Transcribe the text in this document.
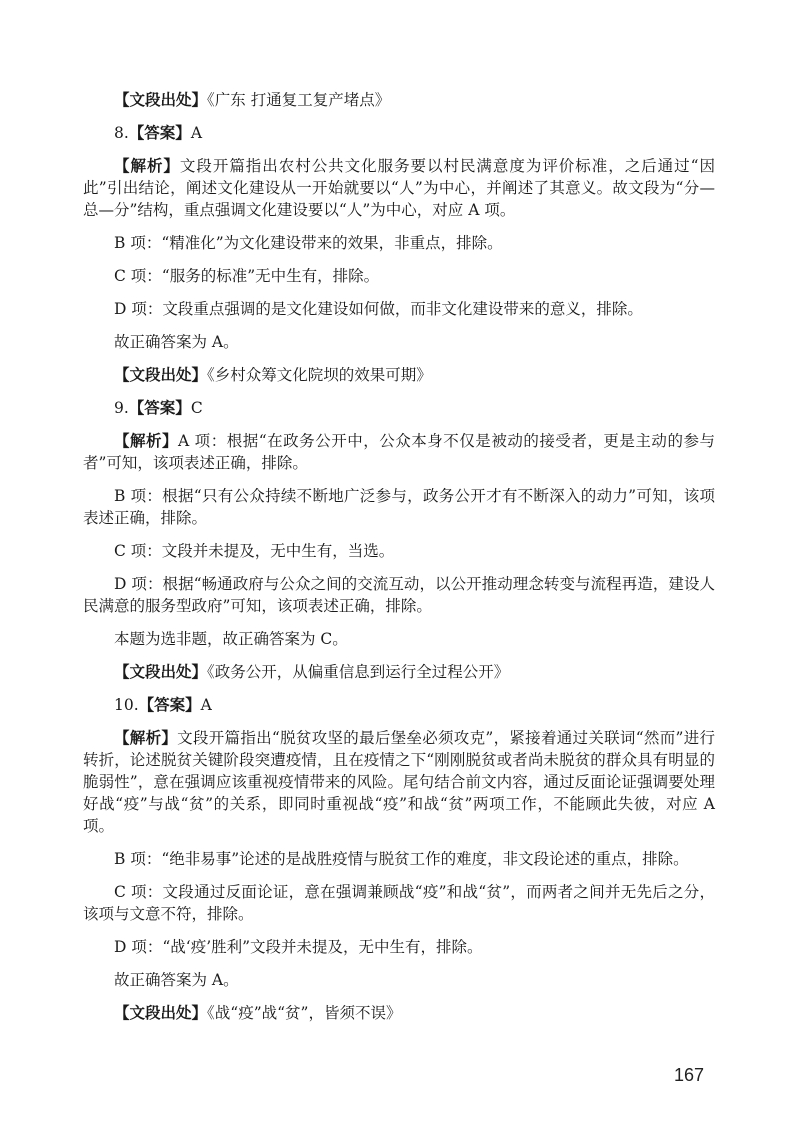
【文段出处】《广东 打通复工复产堵点》

8.【答案】A

【解析】文段开篇指出农村公共文化服务要以村民满意度为评价标准，之后通过“因此”引出结论，阐述文化建设从一开始就要以“人”为中心，并阐述了其意义。故文段为“分—总—分”结构，重点强调文化建设要以“人”为中心，对应 A 项。

B 项：“精准化”为文化建设带来的效果，非重点，排除。

C 项：“服务的标准”无中生有，排除。

D 项：文段重点强调的是文化建设如何做，而非文化建设带来的意义，排除。

故正确答案为 A。

【文段出处】《乡村众筹文化院坝的效果可期》

9.【答案】C

【解析】A 项：根据“在政务公开中，公众本身不仅是被动的接受者，更是主动的参与者”可知，该项表述正确，排除。

B 项：根据“只有公众持续不断地广泛参与，政务公开才有不断深入的动力”可知，该项表述正确，排除。

C 项：文段并未提及，无中生有，当选。

D 项：根据“畅通政府与公众之间的交流互动，以公开推动理念转变与流程再造，建设人民满意的服务型政府”可知，该项表述正确，排除。

本题为选非题，故正确答案为 C。

【文段出处】《政务公开，从偏重信息到运行全过程公开》

10.【答案】A

【解析】文段开篇指出“脱贫攻坚的最后堡垒必须攻克”，紧接着通过关联词“然而”进行转折，论述脱贫关键阶段突遭疫情，且在疫情之下“刚刚脱贫或者尚未脱贫的群众具有明显的脆弱性”，意在强调应该重视疫情带来的风险。尾句结合前文内容，通过反面论证强调要处理好战“疫”与战“贫”的关系，即同时重视战“疫”和战“贫”两项工作，不能顾此失彼，对应 A 项。

B 项：“绝非易事”论述的是战胜疫情与脱贫工作的难度，非文段论述的重点，排除。

C 项：文段通过反面论证，意在强调兼顾战“疫”和战“贫”，而两者之间并无先后之分，该项与文意不符，排除。

D 项：“战‘疫’胜利”文段并未提及，无中生有，排除。

故正确答案为 A。

【文段出处】《战“疫”战“贫”，皆须不误》

167
